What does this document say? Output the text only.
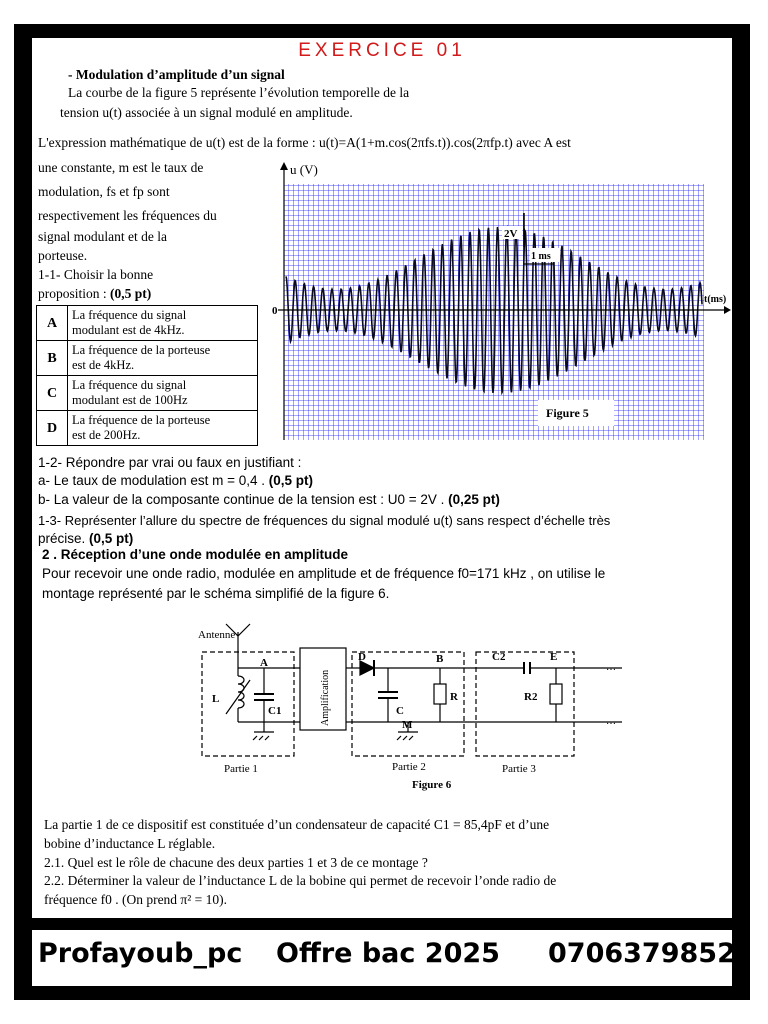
EXERCICE 01
- Modulation d’amplitude d’un signal
La courbe de la figure 5 représente l’évolution temporelle de la
tension u(t) associée à un signal modulé en amplitude.
L'expression mathématique de u(t) est de la forme : u(t)=A(1+m.cos(2πfs.t)).cos(2πfp.t) avec A est
une constante, m est le taux de
modulation, fs et fp sont
respectivement les fréquences du
signal modulant et de la
porteuse.
1-1- Choisir la bonne
proposition : (0,5 pt)
A	La fréquence du signal
modulant est de 4kHz.

B	La fréquence de la porteuse
est de 4kHz.

C	La fréquence du signal
modulant est de 100Hz

D	La fréquence de la porteuse
est de 200Hz.
u (V)
t(ms)
0
2V
1 ms
Figure 5
1-2- Répondre par vrai ou faux en justifiant :
a- Le taux de modulation est m = 0,4 . (0,5 pt)
b- La valeur de la composante continue de la tension est : U0 = 2V . (0,25 pt)
1-3- Représenter l’allure du spectre de fréquences du signal modulé u(t) sans respect d’échelle très
précise. (0,5 pt)
2 . Réception d’une onde modulée en amplitude
Pour recevoir une onde radio, modulée en amplitude et de fréquence f0=171 kHz , on utilise le
montage représenté par le schéma simplifié de la figure 6.
Antenne
A
L
C1
D
C
B
R
M
C2	E
R2
Amplification
…
…
Partie 1	Partie 2	Partie 3
Figure 6
La partie 1 de ce dispositif est constituée d’un condensateur de capacité C1 = 85,4pF et d’une
bobine d’inductance L réglable.
2.1. Quel est le rôle de chacune des deux parties 1 et 3 de ce montage ?
2.2. Déterminer la valeur de l’inductance L de la bobine qui permet de recevoir l’onde radio de
fréquence f0 . (On prend π² = 10).
Profayoub_pc Offre bac 2025 0706379852
